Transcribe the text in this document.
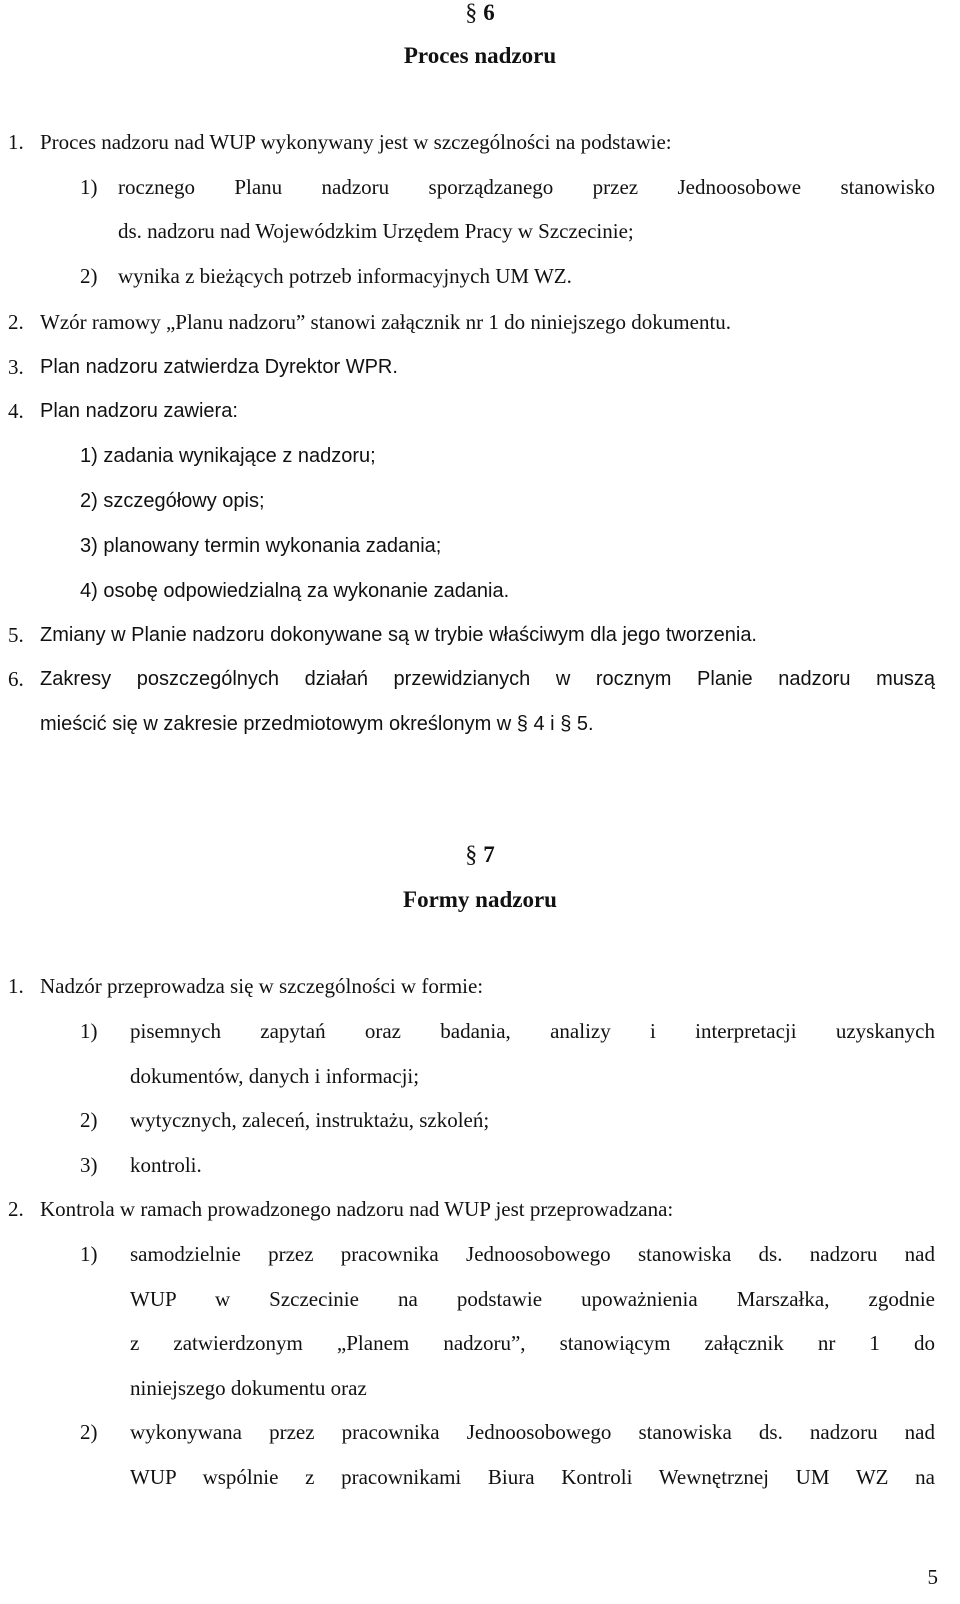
§ 6
Proces nadzoru
1. Proces nadzoru nad WUP wykonywany jest w szczególności na podstawie:
1) rocznego Planu nadzoru sporządzanego przez Jednoosobowe stanowisko
ds. nadzoru nad Wojewódzkim Urzędem Pracy w Szczecinie;
2) wynika z bieżących potrzeb informacyjnych UM WZ.
2. Wzór ramowy „Planu nadzoru” stanowi załącznik nr 1 do niniejszego dokumentu.
3. Plan nadzoru zatwierdza Dyrektor WPR.
4. Plan nadzoru zawiera:
1) zadania wynikające z nadzoru;
2) szczegółowy opis;
3) planowany termin wykonania zadania;
4) osobę odpowiedzialną za wykonanie zadania.
5. Zmiany w Planie nadzoru dokonywane są w trybie właściwym dla jego tworzenia.
6. Zakresy poszczególnych działań przewidzianych w rocznym Planie nadzoru muszą
mieścić się w zakresie przedmiotowym określonym w § 4 i § 5.
§ 7
Formy nadzoru
1. Nadzór przeprowadza się w szczególności w formie:
1) pisemnych zapytań oraz badania, analizy i interpretacji uzyskanych
dokumentów, danych i informacji;
2) wytycznych, zaleceń, instruktażu, szkoleń;
3) kontroli.
2. Kontrola w ramach prowadzonego nadzoru nad WUP jest przeprowadzana:
1) samodzielnie przez pracownika Jednoosobowego stanowiska ds. nadzoru nad
WUP w Szczecinie na podstawie upoważnienia Marszałka, zgodnie
z zatwierdzonym „Planem nadzoru”, stanowiącym załącznik nr 1 do
niniejszego dokumentu oraz
2) wykonywana przez pracownika Jednoosobowego stanowiska ds. nadzoru nad
WUP wspólnie z pracownikami Biura Kontroli Wewnętrznej UM WZ na
5
